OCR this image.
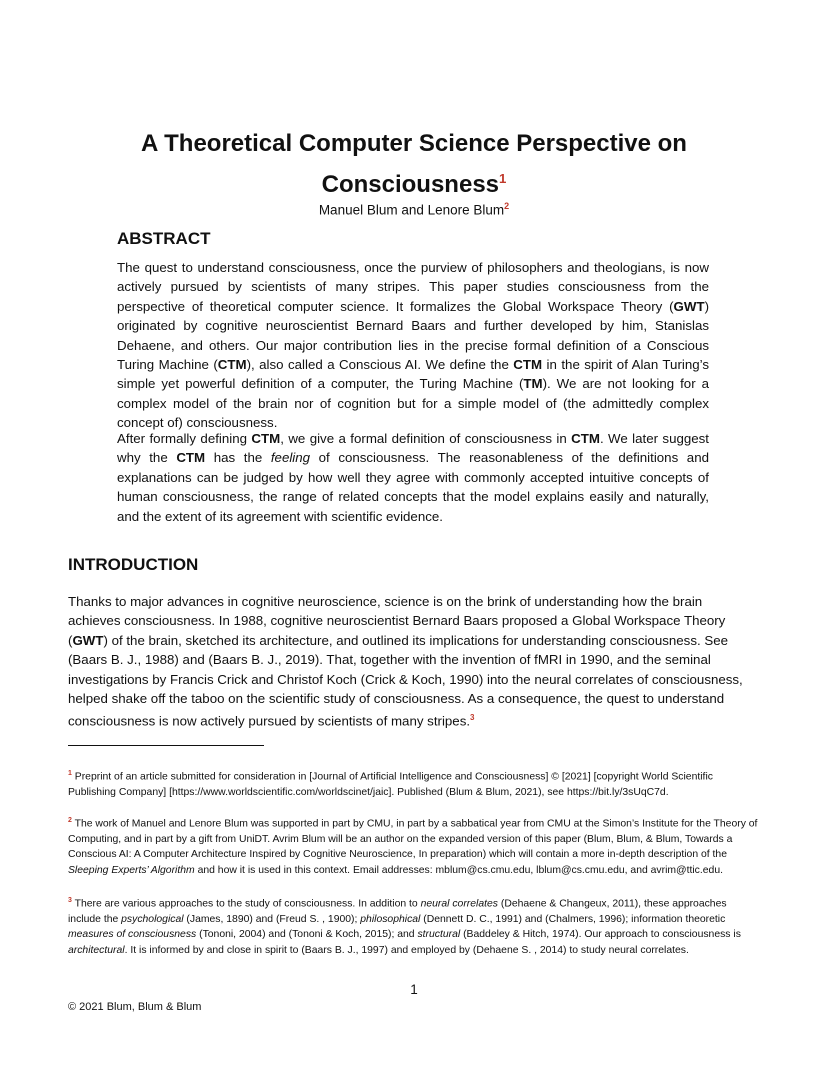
A Theoretical Computer Science Perspective on
Consciousness$^1$
Manuel Blum and Lenore Blum$^2$
ABSTRACT

The quest to understand consciousness, once the purview of philosophers and theologians, is now actively pursued by scientists of many stripes. This paper studies consciousness from the perspective of theoretical computer science. It formalizes the Global Workspace Theory (GWT) originated by cognitive neuroscientist Bernard Baars and further developed by him, Stanislas Dehaene, and others. Our major contribution lies in the precise formal definition of a Conscious Turing Machine (CTM), also called a Conscious AI. We define the CTM in the spirit of Alan Turing’s simple yet powerful definition of a computer, the Turing Machine (TM). We are not looking for a complex model of the brain nor of cognition but for a simple model of (the admittedly complex concept of) consciousness.

After formally defining CTM, we give a formal definition of consciousness in CTM. We later suggest why the CTM has the feeling of consciousness. The reasonableness of the definitions and explanations can be judged by how well they agree with commonly accepted intuitive concepts of human consciousness, the range of related concepts that the model explains easily and naturally, and the extent of its agreement with scientific evidence.

INTRODUCTION

Thanks to major advances in cognitive neuroscience, science is on the brink of understanding how the brain achieves consciousness. In 1988, cognitive neuroscientist Bernard Baars proposed a Global Workspace Theory (GWT) of the brain, sketched its architecture, and outlined its implications for understanding consciousness. See (Baars B. J., 1988) and (Baars B. J., 2019). That, together with the invention of fMRI in 1990, and the seminal investigations by Francis Crick and Christof Koch (Crick & Koch, 1990) into the neural correlates of consciousness, helped shake off the taboo on the scientific study of consciousness. As a consequence, the quest to understand consciousness is now actively pursued by scientists of many stripes.$^3$

$^1$ Preprint of an article submitted for consideration in [Journal of Artificial Intelligence and Consciousness] © [2021] [copyright World Scientific Publishing Company] [https://www.worldscientific.com/worldscinet/jaic]. Published (Blum & Blum, 2021), see https://bit.ly/3sUqC7d.

$^2$ The work of Manuel and Lenore Blum was supported in part by CMU, in part by a sabbatical year from CMU at the Simon’s Institute for the Theory of Computing, and in part by a gift from UniDT. Avrim Blum will be an author on the expanded version of this paper (Blum, Blum, & Blum, Towards a Conscious AI: A Computer Architecture Inspired by Cognitive Neuroscience, In preparation) which will contain a more in-depth description of the Sleeping Experts’ Algorithm and how it is used in this context. Email addresses: mblum@cs.cmu.edu, lblum@cs.cmu.edu, and avrim@ttic.edu.

$^3$ There are various approaches to the study of consciousness. In addition to neural correlates (Dehaene & Changeux, 2011), these approaches include the psychological (James, 1890) and (Freud S. , 1900); philosophical (Dennett D. C., 1991) and (Chalmers, 1996); information theoretic measures of consciousness (Tononi, 2004) and (Tononi & Koch, 2015); and structural (Baddeley & Hitch, 1974). Our approach to consciousness is architectural. It is informed by and close in spirit to (Baars B. J., 1997) and employed by (Dehaene S. , 2014) to study neural correlates.

1
© 2021 Blum, Blum & Blum
